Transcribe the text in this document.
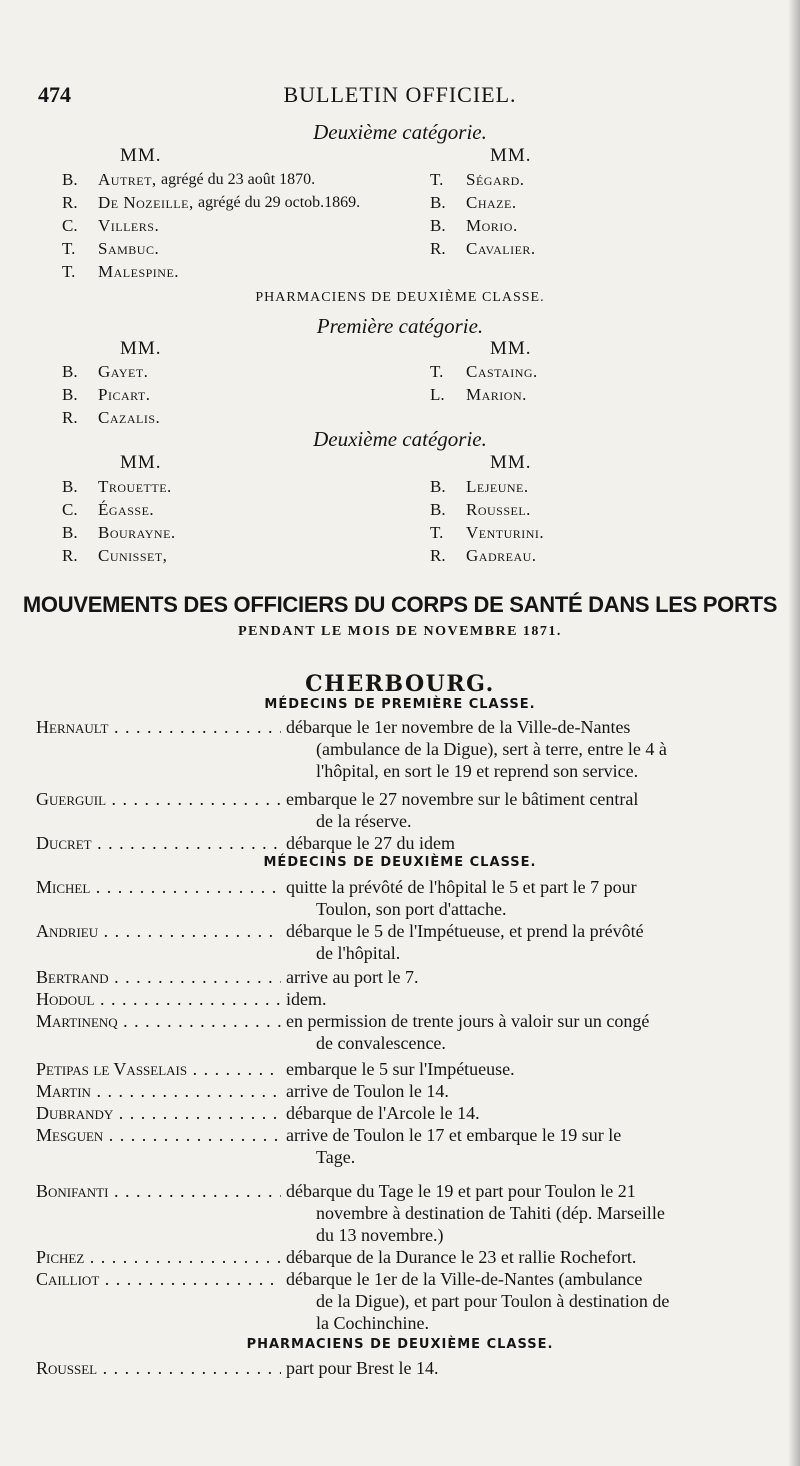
474	BULLETIN OFFICIEL.
Deuxième catégorie.
MM.	MM.
B.	Autret, agrégé du 23 août 1870.	T.	Ségard.
R.	De Nozeille, agrégé du 29 octob.1869.	B.	Chaze.
C.	Villers.	B.	Morio.
T.	Sambuc.	R.	Cavalier.
T.	Malespine.
PHARMACIENS DE DEUXIÈME CLASSE.
Première catégorie.
MM.	MM.
B.	Gayet.	T.	Castaing.
B.	Picart.	L.	Marion.
R.	Cazalis.
Deuxième catégorie.
MM.	MM.
B.	Trouette.	B.	Lejeune.
C.	Égasse.	B.	Roussel.
B.	Bourayne.	T.	Venturini.
R.	Cunisset,	R.	Gadreau.
MOUVEMENTS DES OFFICIERS DU CORPS DE SANTÉ DANS LES PORTS
PENDANT LE MOIS DE NOVEMBRE 1871.
CHERBOURG.
MÉDECINS DE PREMIÈRE CLASSE.
MÉDECINS DE DEUXIÈME CLASSE.
PHARMACIENS DE DEUXIÈME CLASSE.
Hernault . . .	débarque le 1er novembre de la Ville-de-Nantes
(ambulance de la Digue), sert à terre, entre le 4 à
l'hôpital, en sort le 19 et reprend son service.
Guerguil . . .	embarque le 27 novembre sur le bâtiment central
de la réserve.
Ducret . . .	débarque le 27 du idem
Michel . . .	quitte la prévôté de l'hôpital le 5 et part le 7 pour
Toulon, son port d'attache.
Andrieu . . .	débarque le 5 de l'Impétueuse, et prend la prévôté
de l'hôpital.
Bertrand . . .	arrive au port le 7.
Hodoul . . .	idem.
Martinenq . . .	en permission de trente jours à valoir sur un congé
de convalescence.
Petipas le Vasselais . . .	embarque le 5 sur l'Impétueuse.
Martin . . .	arrive de Toulon le 14.
Dubrandy . . .	débarque de l'Arcole le 14.
Mesguen . . .	arrive de Toulon le 17 et embarque le 19 sur le
Tage.
Bonifanti . . .	débarque du Tage le 19 et part pour Toulon le 21
novembre à destination de Tahiti (dép. Marseille
du 13 novembre.)
Pichez . . .	débarque de la Durance le 23 et rallie Rochefort.
Cailliot . . .	débarque le 1er de la Ville-de-Nantes (ambulance
de la Digue), et part pour Toulon à destination de
la Cochinchine.
Roussel . . .	part pour Brest le 14.
